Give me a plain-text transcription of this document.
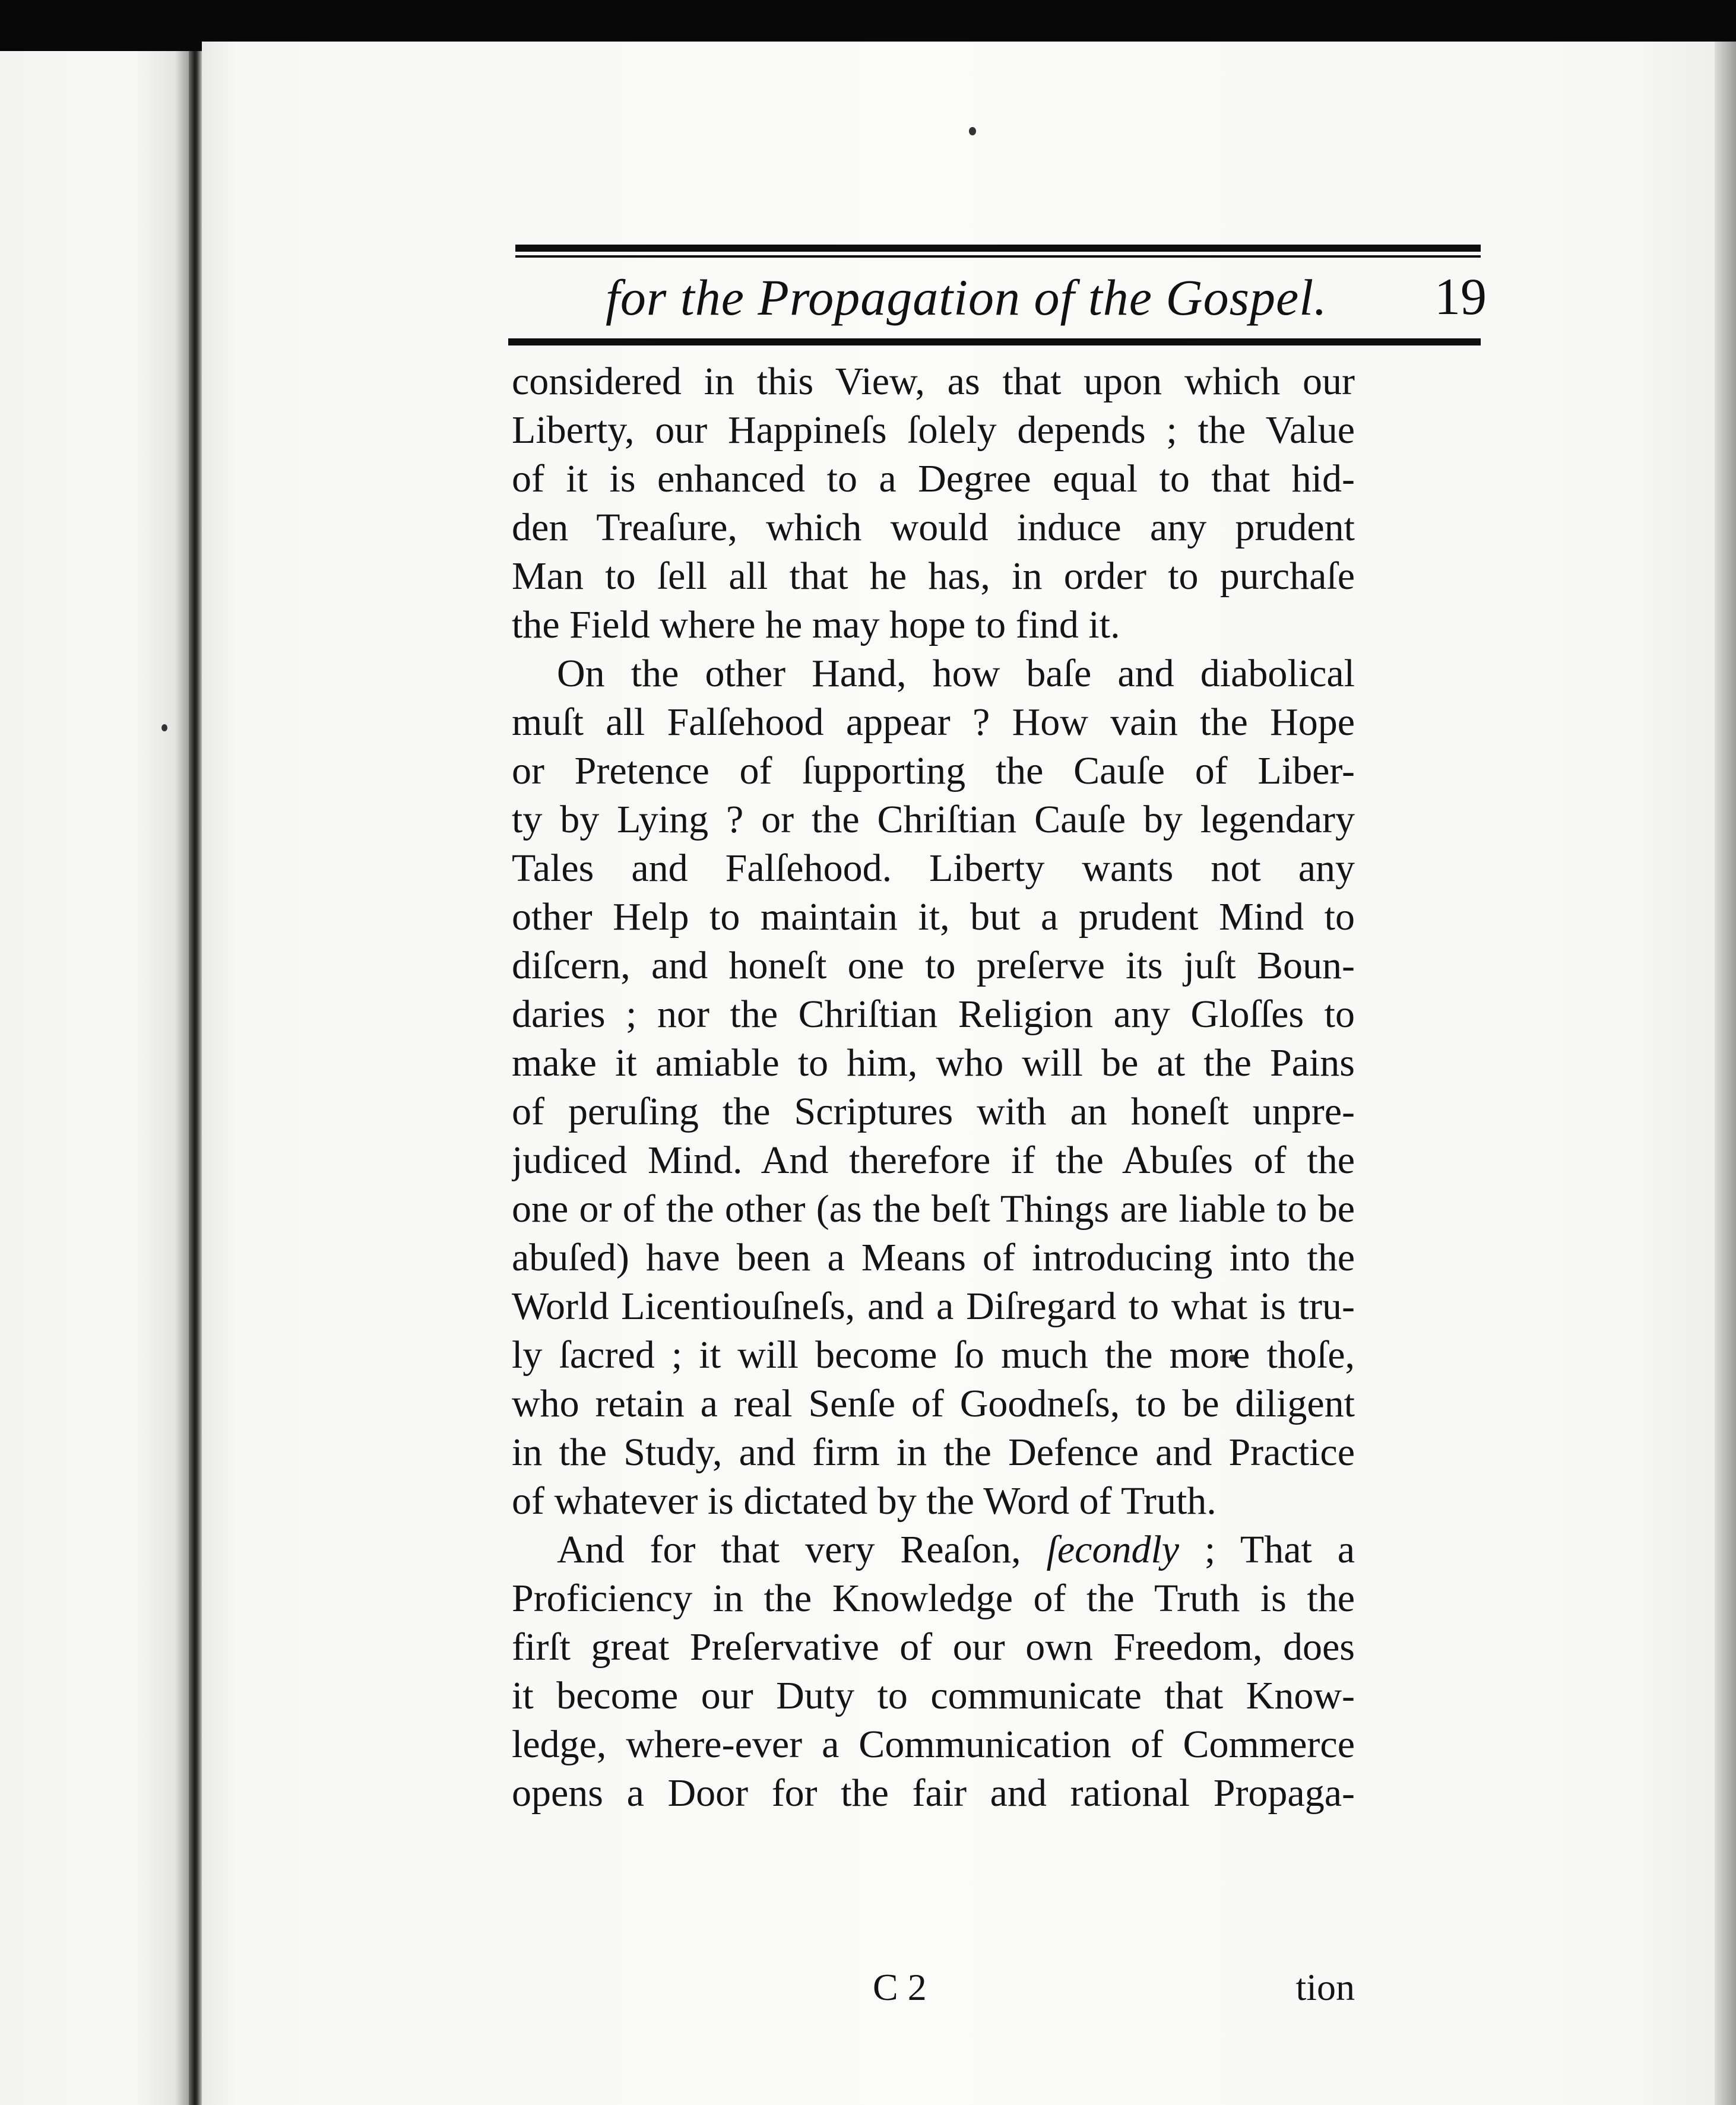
for the Propagation of the Gospel. 19
considered in this View, as that upon which our
Liberty, our Happineſs ſolely depends ; the Value
of it is enhanced to a Degree equal to that hid-
den Treaſure, which would induce any prudent
Man to ſell all that he has, in order to purchaſe
the Field where he may hope to find it.
On the other Hand, how baſe and diabolical
muſt all Falſehood appear ? How vain the Hope
or Pretence of ſupporting the Cauſe of Liber-
ty by Lying ? or the Chriſtian Cauſe by legendary
Tales and Falſehood. Liberty wants not any
other Help to maintain it, but a prudent Mind to
diſcern, and honeſt one to preſerve its juſt Boun-
daries ; nor the Chriſtian Religion any Gloſſes to
make it amiable to him, who will be at the Pains
of peruſing the Scriptures with an honeſt unpre-
judiced Mind. And therefore if the Abuſes of the
one or of the other (as the beſt Things are liable to be
abuſed) have been a Means of introducing into the
World Licentiouſneſs, and a Diſregard to what is tru-
ly ſacred ; it will become ſo much the more thoſe,
who retain a real Senſe of Goodneſs, to be diligent
in the Study, and firm in the Defence and Practice
of whatever is dictated by the Word of Truth.
And for that very Reaſon, ſecondly ; That a
Proficiency in the Knowledge of the Truth is the
firſt great Preſervative of our own Freedom, does
it become our Duty to communicate that Know-
ledge, where-ever a Communication of Commerce
opens a Door for the fair and rational Propaga-
C 2	tion
